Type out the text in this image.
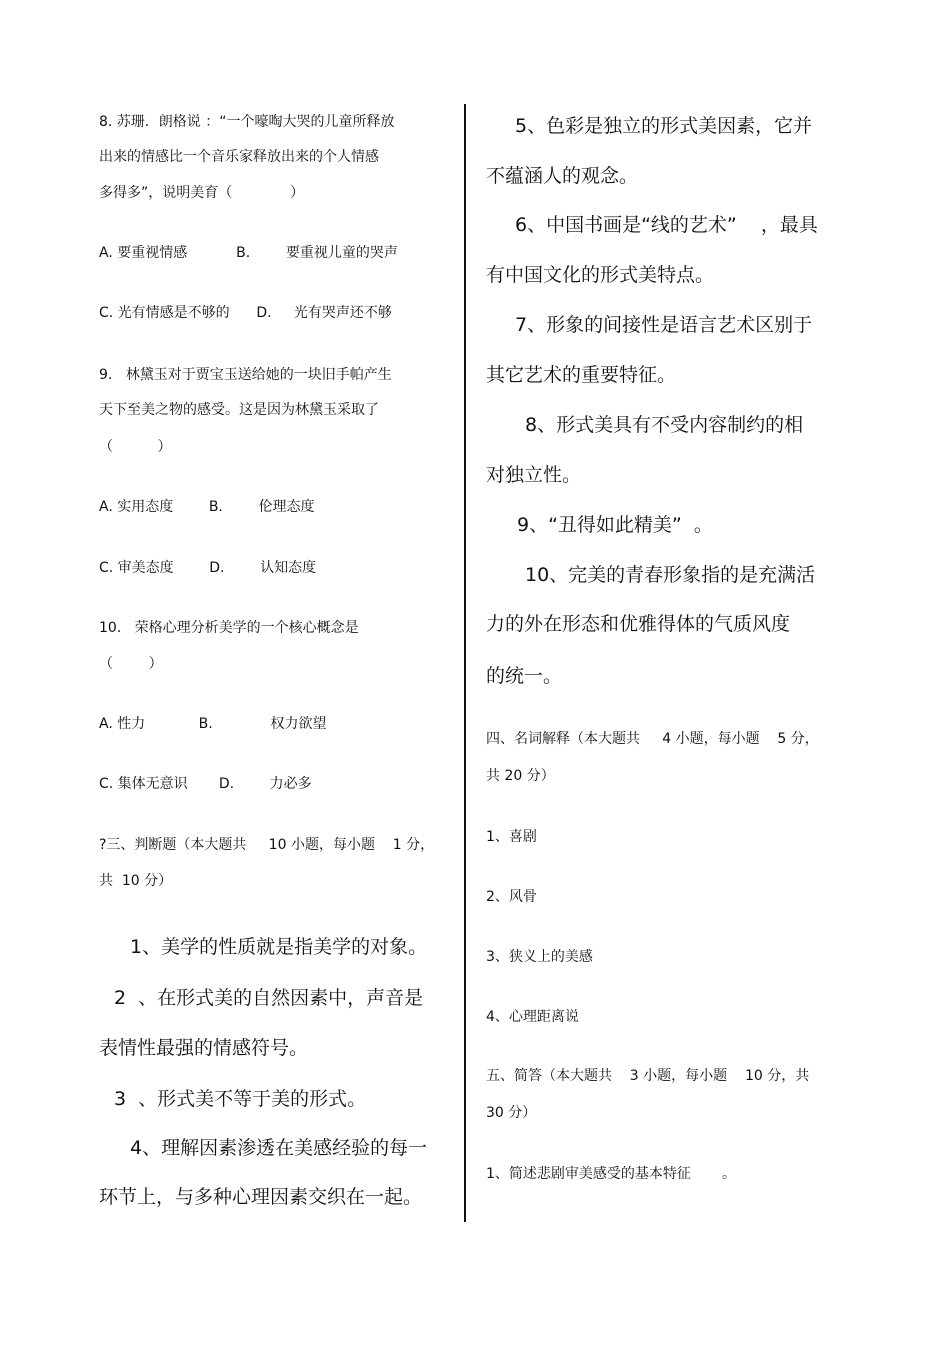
8. 苏珊．朗格说 ：“一个嚎啕大哭的儿童所释放
出来的情感比一个音乐家释放出来的个人情感
多得多”，说明美育（             ）
A. 要重视情感           B.        要重视儿童的哭声
C. 光有情感是不够的      D.     光有哭声还不够
9.   林黛玉对于贾宝玉送给她的一块旧手帕产生
天下至美之物的感受。这是因为林黛玉采取了
（          ）
A. 实用态度        B.        伦理态度
C. 审美态度        D.        认知态度
10.   荣格心理分析美学的一个核心概念是
（        ）
A. 性力            B.             权力欲望
C. 集体无意识       D.        力必多
?三、判断题（本大题共     10 小题，每小题    1 分，
共  10 分）
1、美学的性质就是指美学的对象。
2  、在形式美的自然因素中，声音是
表情性最强的情感符号。
3  、形式美不等于美的形式。
4、理解因素渗透在美感经验的每一
环节上，与多种心理因素交织在一起。
5、色彩是独立的形式美因素，它并
不蕴涵人的观念。
6、中国书画是“线的艺术”    ，最具
有中国文化的形式美特点。
7、形象的间接性是语言艺术区别于
其它艺术的重要特征。
8、形式美具有不受内容制约的相
对独立性。
9、“丑得如此精美”  。
10、完美的青春形象指的是充满活
力的外在形态和优雅得体的气质风度
的统一。
四、名词解释（本大题共     4 小题，每小题    5 分，
共 20 分）
1、喜剧
2、风骨
3、狭义上的美感
4、心理距离说
五、简答（本大题共    3 小题，每小题    10 分，共
30 分）
1、简述悲剧审美感受的基本特征       。
